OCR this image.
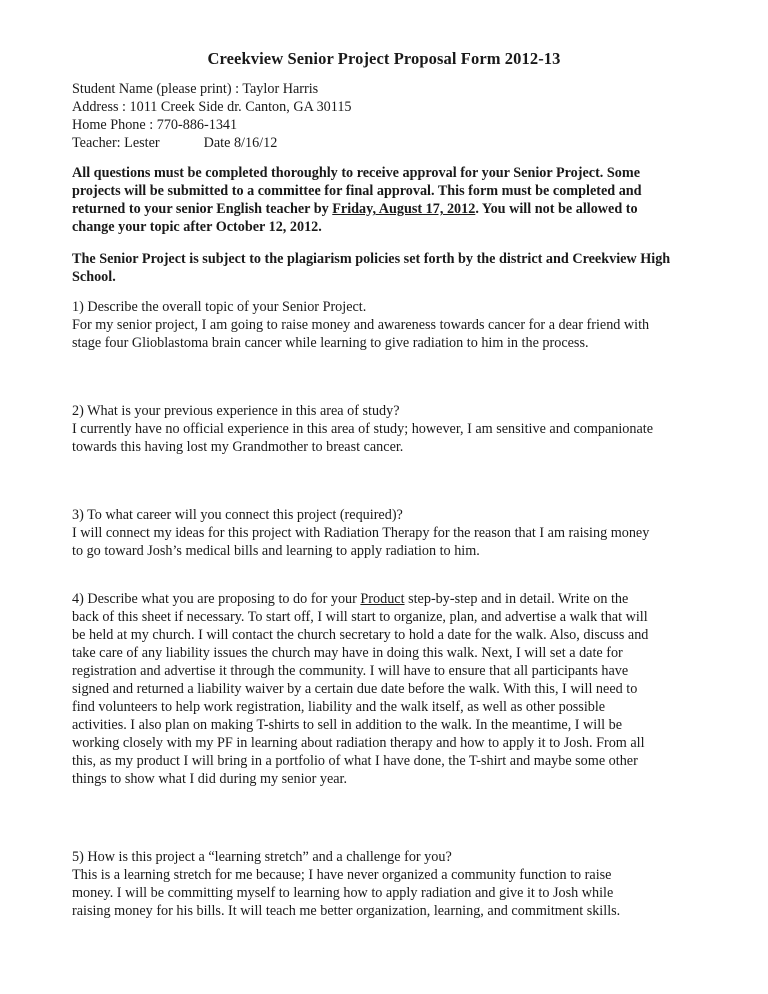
Creekview Senior Project Proposal Form 2012-13
Student Name (please print) : Taylor Harris
Address : 1011 Creek Side dr. Canton, GA 30115
Home Phone : 770-886-1341
Teacher: Lester	Date 8/16/12
All questions must be completed thoroughly to receive approval for your Senior Project. Some
projects will be submitted to a committee for final approval. This form must be completed and
returned to your senior English teacher by Friday, August 17, 2012. You will not be allowed to
change your topic after October 12, 2012.
The Senior Project is subject to the plagiarism policies set forth by the district and Creekview High
School.
1) Describe the overall topic of your Senior Project.
For my senior project, I am going to raise money and awareness towards cancer for a dear friend with
stage four Glioblastoma brain cancer while learning to give radiation to him in the process.
2) What is your previous experience in this area of study?
I currently have no official experience in this area of study; however, I am sensitive and companionate
towards this having lost my Grandmother to breast cancer.
3) To what career will you connect this project (required)?
I will connect my ideas for this project with Radiation Therapy for the reason that I am raising money
to go toward Josh’s medical bills and learning to apply radiation to him.
4) Describe what you are proposing to do for your Product step-by-step and in detail. Write on the
back of this sheet if necessary. To start off, I will start to organize, plan, and advertise a walk that will
be held at my church. I will contact the church secretary to hold a date for the walk. Also, discuss and
take care of any liability issues the church may have in doing this walk. Next, I will set a date for
registration and advertise it through the community. I will have to ensure that all participants have
signed and returned a liability waiver by a certain due date before the walk. With this, I will need to
find volunteers to help work registration, liability and the walk itself, as well as other possible
activities. I also plan on making T-shirts to sell in addition to the walk. In the meantime, I will be
working closely with my PF in learning about radiation therapy and how to apply it to Josh. From all
this, as my product I will bring in a portfolio of what I have done, the T-shirt and maybe some other
things to show what I did during my senior year.
5) How is this project a “learning stretch” and a challenge for you?
This is a learning stretch for me because; I have never organized a community function to raise
money. I will be committing myself to learning how to apply radiation and give it to Josh while
raising money for his bills. It will teach me better organization, learning, and commitment skills.
